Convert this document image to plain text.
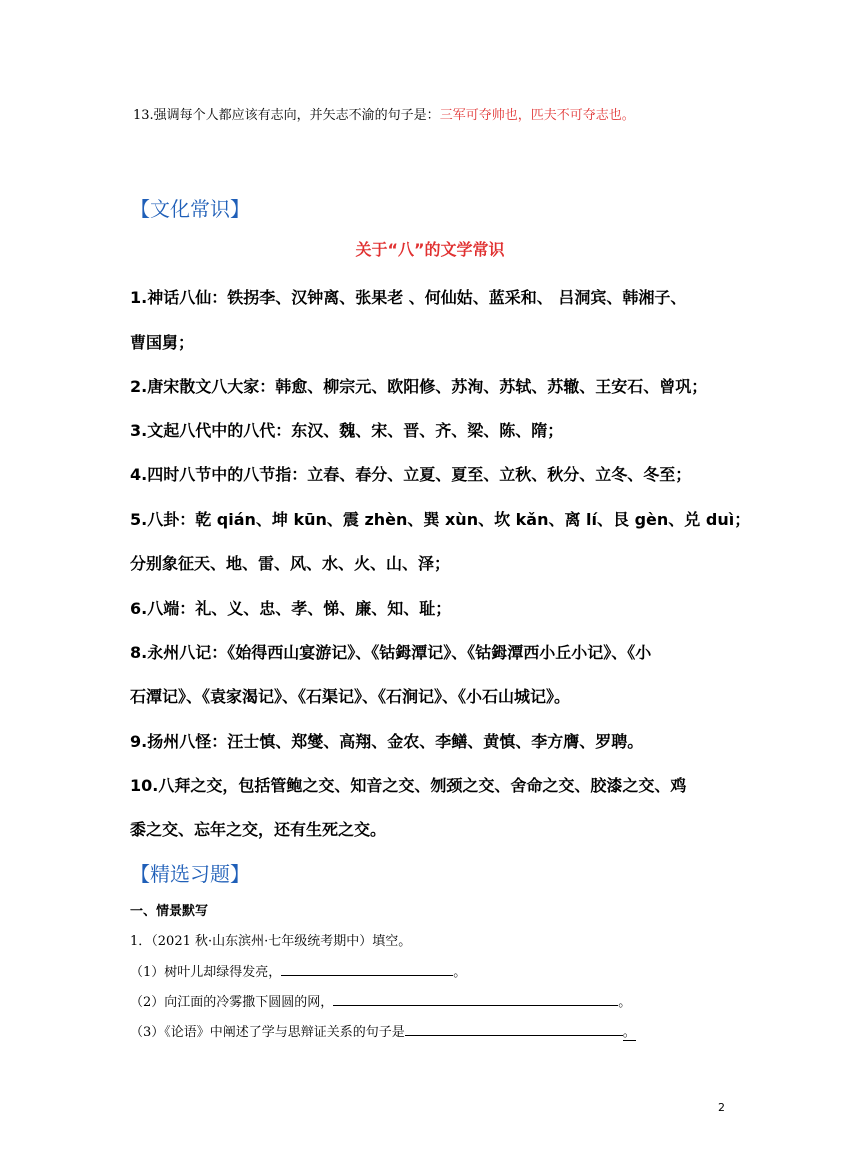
13.强调每个人都应该有志向，并矢志不渝的句子是：三军可夺帅也，匹夫不可夺志也。
【文化常识】
关于“八”的文学常识
1.神话八仙：铁拐李、汉钟离、张果老 、何仙姑、蓝采和、 吕洞宾、韩湘子、
曹国舅；
2.唐宋散文八大家：韩愈、柳宗元、欧阳修、苏洵、苏轼、苏辙、王安石、曾巩；
3.文起八代中的八代：东汉、魏、宋、晋、齐、梁、陈、隋；
4.四时八节中的八节指：立春、春分、立夏、夏至、立秋、秋分、立冬、冬至；
5.八卦：乾 qián、坤 kūn、震 zhèn、巽 xùn、坎 kǎn、离 lí、艮 gèn、兑 duì；
分别象征天、地、雷、风、水、火、山、泽；
6.八端：礼、义、忠、孝、悌、廉、知、耻；
8.永州八记：《始得西山宴游记》、《钴鉧潭记》、《钴鉧潭西小丘小记》、《小
石潭记》、《袁家渴记》、《石渠记》、《石涧记》、《小石山城记》。
9.扬州八怪：汪士慎、郑燮、高翔、金农、李鳝、黄慎、李方膺、罗聘。
10.八拜之交，包括管鲍之交、知音之交、刎颈之交、舍命之交、胶漆之交、鸡
黍之交、忘年之交，还有生死之交。
【精选习题】
一、情景默写
1．（2021 秋·山东滨州·七年级统考期中）填空。
（1）树叶儿却绿得发亮，	。
（2）向江面的冷雾撒下圆圆的网，	。
（3）《论语》中阐述了学与思辩证关系的句子是	。
2
